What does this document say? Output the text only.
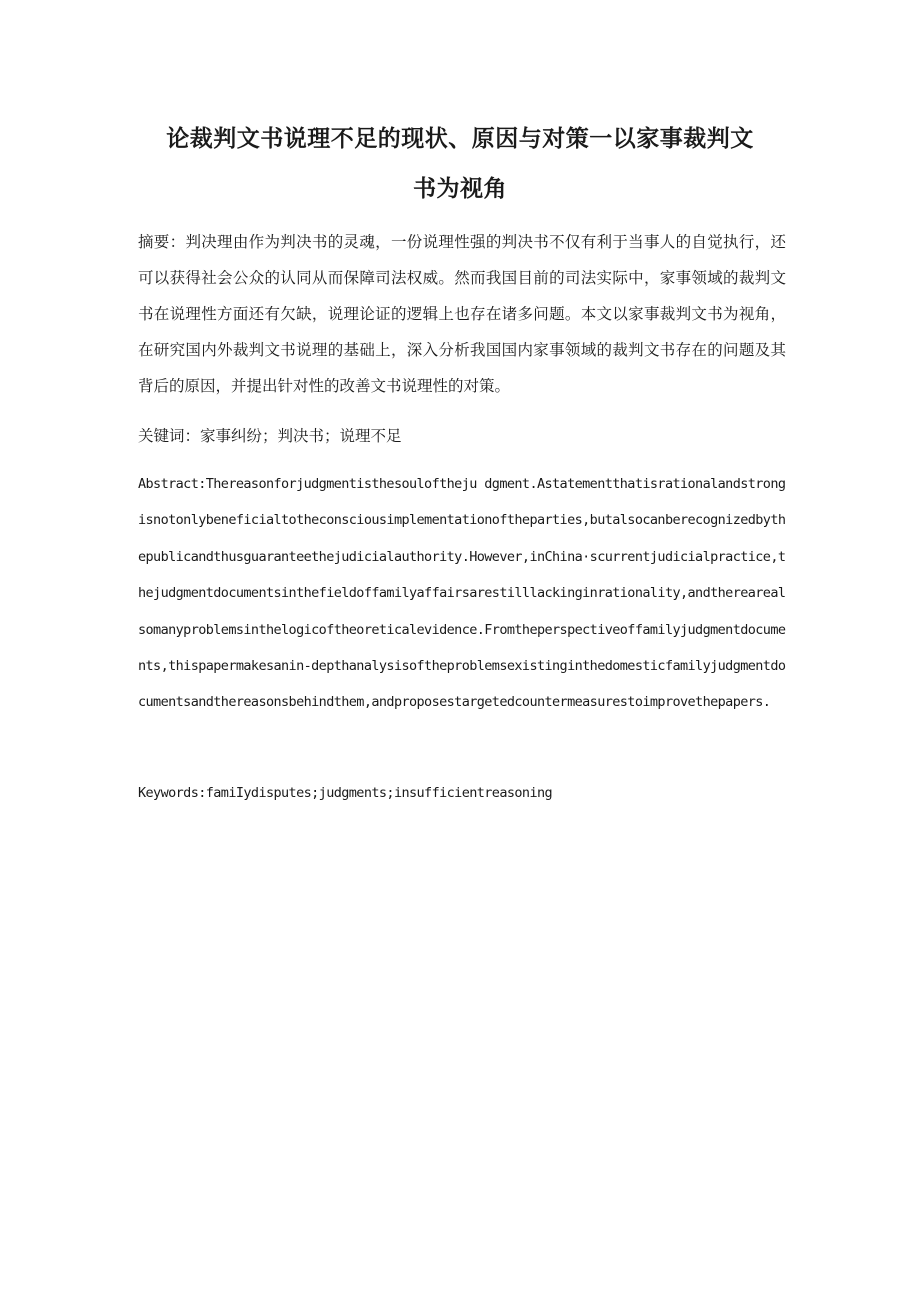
论裁判文书说理不足的现状、原因与对策一以家事裁判文
书为视角

摘要：判决理由作为判决书的灵魂，一份说理性强的判决书不仅有利于当事人的自觉执行，还可以获得社会公众的认同从而保障司法权威。然而我国目前的司法实际中，家事领域的裁判文书在说理性方面还有欠缺，说理论证的逻辑上也存在诸多问题。本文以家事裁判文书为视角，在研究国内外裁判文书说理的基础上，深入分析我国国内家事领域的裁判文书存在的问题及其背后的原因，并提出针对性的改善文书说理性的对策。

关键词：家事纠纷；判决书；说理不足

Abstract:Thereasonforjudgmentisthesouloftheju dgment.Astatementthatisrationalandstrongisnotonlybeneficialtotheconsciousimplementationoftheparties,butalsocanberecognizedbythepublicandthusguaranteethejudicialauthority.However,inChina·scurrentjudicialpractice,thejudgmentdocumentsinthefieldoffamilyaffairsarestilllackinginrationality,andtherearealsomanyproblemsinthelogicoftheoreticalevidence.Fromtheperspectiveoffamilyjudgmentdocuments,thispapermakesanin-depthanalysisoftheproblemsexistinginthedomesticfamilyjudgmentdocumentsandthereasonsbehindthem,andproposestargetedcountermeasurestoimprovethepapers.

Keywords:famiIydisputes;judgments;insufficientreasoning
